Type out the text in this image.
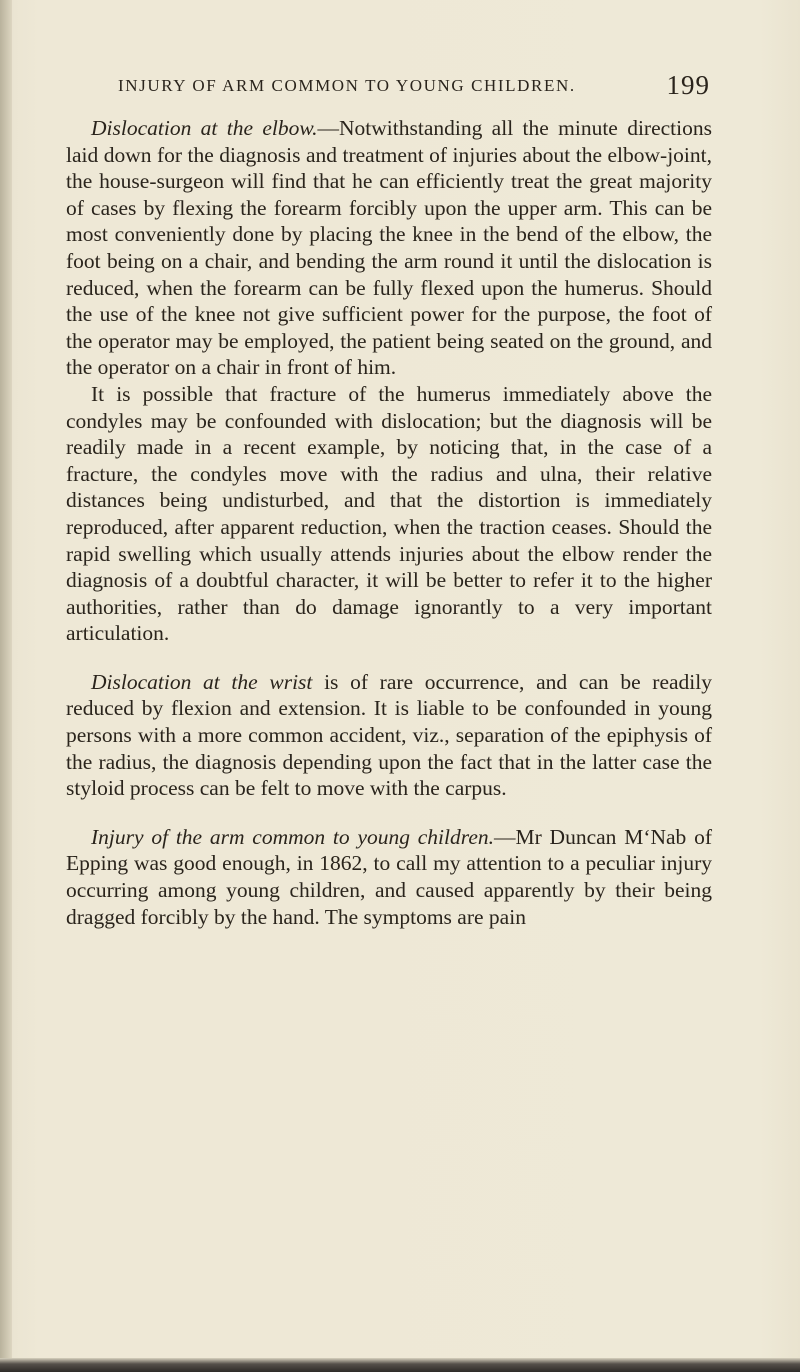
INJURY OF ARM COMMON TO YOUNG CHILDREN.	199

Dislocation at the elbow.—Notwithstanding all the minute directions laid down for the diagnosis and treatment of injuries about the elbow-joint, the house-surgeon will find that he can efficiently treat the great majority of cases by flexing the forearm forcibly upon the upper arm. This can be most conveniently done by placing the knee in the bend of the elbow, the foot being on a chair, and bending the arm round it until the dislocation is reduced, when the forearm can be fully flexed upon the humerus. Should the use of the knee not give sufficient power for the purpose, the foot of the operator may be employed, the patient being seated on the ground, and the operator on a chair in front of him.

It is possible that fracture of the humerus immediately above the condyles may be confounded with dislocation; but the diagnosis will be readily made in a recent example, by noticing that, in the case of a fracture, the condyles move with the radius and ulna, their relative distances being undisturbed, and that the distortion is immediately reproduced, after apparent reduction, when the traction ceases. Should the rapid swelling which usually attends injuries about the elbow render the diagnosis of a doubtful character, it will be better to refer it to the higher authorities, rather than do damage ignorantly to a very important articulation.

Dislocation at the wrist is of rare occurrence, and can be readily reduced by flexion and extension. It is liable to be confounded in young persons with a more common accident, viz., separation of the epiphysis of the radius, the diagnosis depending upon the fact that in the latter case the styloid process can be felt to move with the carpus.

Injury of the arm common to young children.—Mr Duncan M‘Nab of Epping was good enough, in 1862, to call my attention to a peculiar injury occurring among young children, and caused apparently by their being dragged forcibly by the hand. The symptoms are pain
